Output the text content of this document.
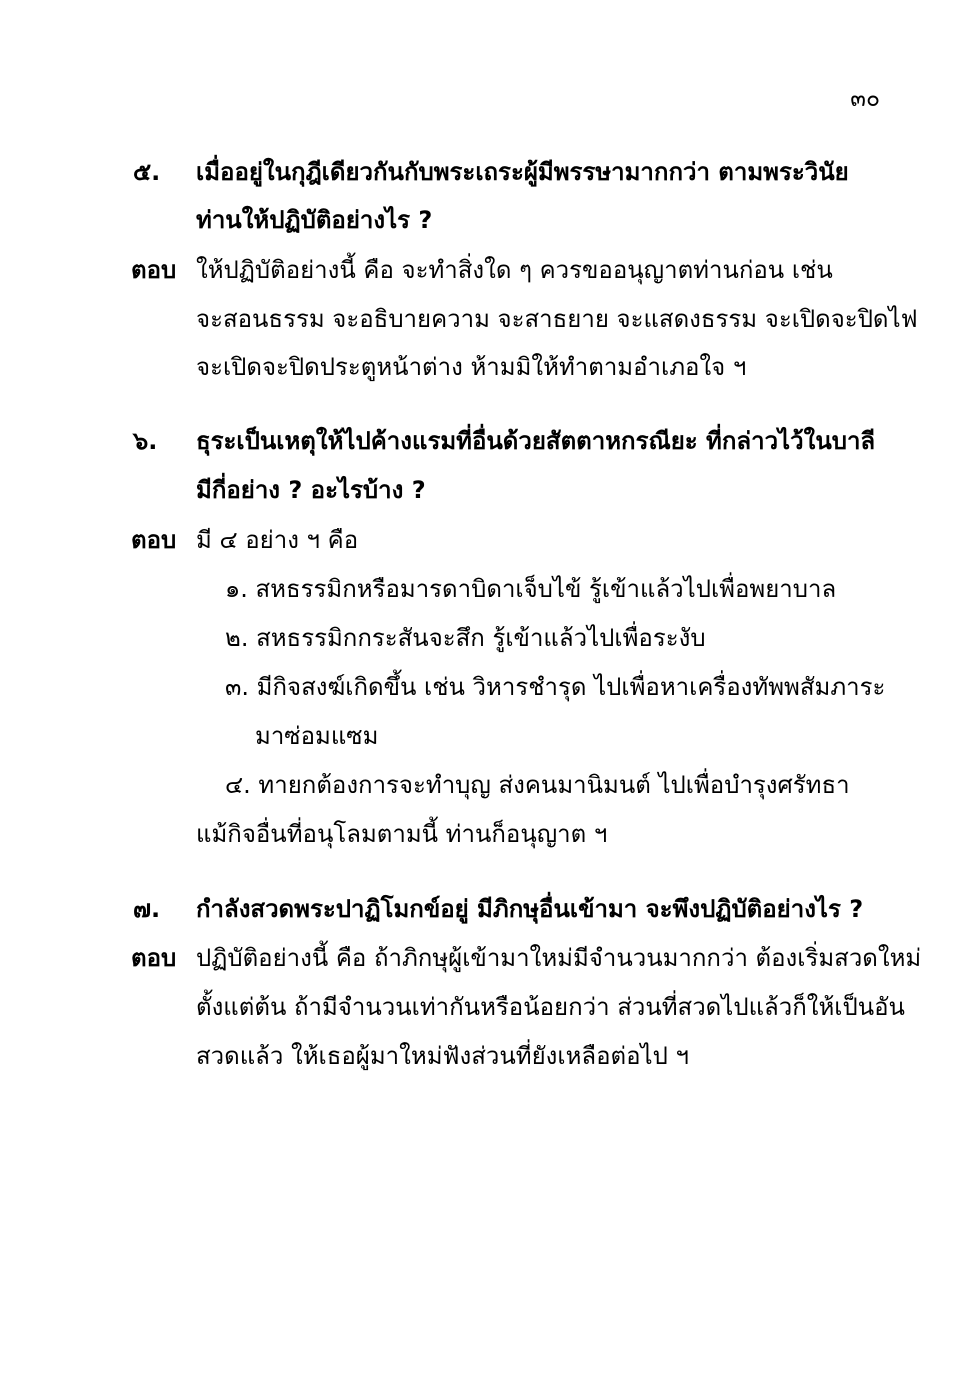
๓๐
๕. เมื่ออยู่ในกุฎีเดียวกันกับพระเถระผู้มีพรรษามากกว่า ตามพระวินัย
ท่านให้ปฏิบัติอย่างไร ?
ตอบ ให้ปฏิบัติอย่างนี้ คือ จะทำสิ่งใด ๆ ควรขออนุญาตท่านก่อน เช่น
จะสอนธรรม จะอธิบายความ จะสาธยาย จะแสดงธรรม จะเปิดจะปิดไฟ
จะเปิดจะปิดประตูหน้าต่าง ห้ามมิให้ทำตามอำเภอใจ ฯ
๖. ธุระเป็นเหตุให้ไปค้างแรมที่อื่นด้วยสัตตาหกรณียะ ที่กล่าวไว้ในบาลี
มีกี่อย่าง ? อะไรบ้าง ?
ตอบ มี ๔ อย่าง ฯ คือ
๑. สหธรรมิกหรือมารดาบิดาเจ็บไข้ รู้เข้าแล้วไปเพื่อพยาบาล
๒. สหธรรมิกกระสันจะสึก รู้เข้าแล้วไปเพื่อระงับ
๓. มีกิจสงฆ์เกิดขึ้น เช่น วิหารชำรุด ไปเพื่อหาเครื่องทัพพสัมภาระ
มาซ่อมแซม
๔. ทายกต้องการจะทำบุญ ส่งคนมานิมนต์ ไปเพื่อบำรุงศรัทธา
แม้กิจอื่นที่อนุโลมตามนี้ ท่านก็อนุญาต ฯ
๗. กำลังสวดพระปาฏิโมกข์อยู่ มีภิกษุอื่นเข้ามา จะพึงปฏิบัติอย่างไร ?
ตอบ ปฏิบัติอย่างนี้ คือ ถ้าภิกษุผู้เข้ามาใหม่มีจำนวนมากกว่า ต้องเริ่มสวดใหม่
ตั้งแต่ต้น ถ้ามีจำนวนเท่ากันหรือน้อยกว่า ส่วนที่สวดไปแล้วก็ให้เป็นอัน
สวดแล้ว ให้เธอผู้มาใหม่ฟังส่วนที่ยังเหลือต่อไป ฯ
